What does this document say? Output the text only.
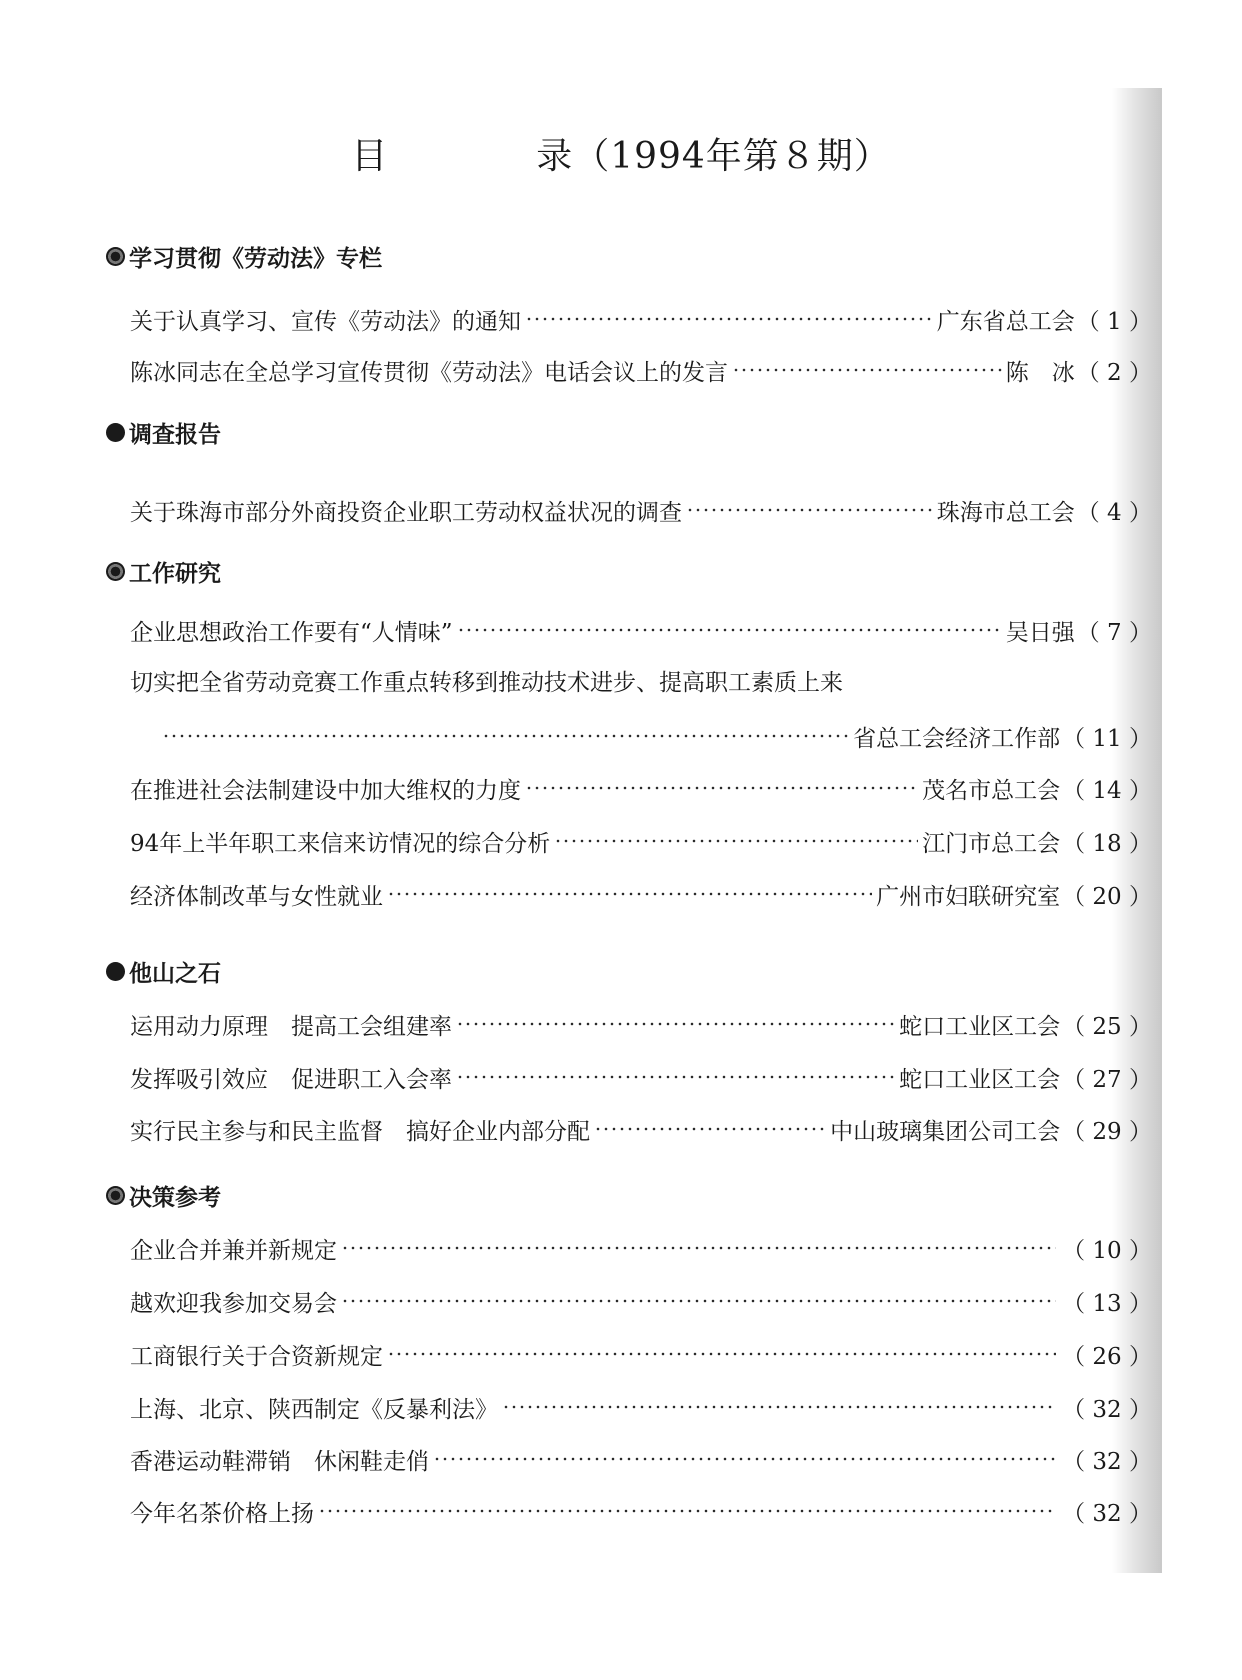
目　　　　录（1994年第８期）
学习贯彻《劳动法》专栏
关于认真学习、宣传《劳动法》的通知	广东省总工会 （ 1 ）
陈冰同志在全总学习宣传贯彻《劳动法》电话会议上的发言	陈　冰 （ 2 ）
调查报告
关于珠海市部分外商投资企业职工劳动权益状况的调查	珠海市总工会 （ 4 ）
工作研究
企业思想政治工作要有“人情味”	吴日强 （ 7 ）
切实把全省劳动竞赛工作重点转移到推动技术进步、提高职工素质上来
省总工会经济工作部 （ 11 ）
在推进社会法制建设中加大维权的力度	茂名市总工会 （ 14 ）
94年上半年职工来信来访情况的综合分析	江门市总工会 （ 18 ）
经济体制改革与女性就业	广州市妇联研究室 （ 20 ）
他山之石
运用动力原理　提高工会组建率	蛇口工业区工会 （ 25 ）
发挥吸引效应　促进职工入会率	蛇口工业区工会 （ 27 ）
实行民主参与和民主监督　搞好企业内部分配	中山玻璃集团公司工会 （ 29 ）
决策参考
企业合并兼并新规定	（ 10 ）
越欢迎我参加交易会	（ 13 ）
工商银行关于合资新规定	（ 26 ）
上海、北京、陕西制定《反暴利法》	（ 32 ）
香港运动鞋滞销　休闲鞋走俏	（ 32 ）
今年名茶价格上扬	（ 32 ）
